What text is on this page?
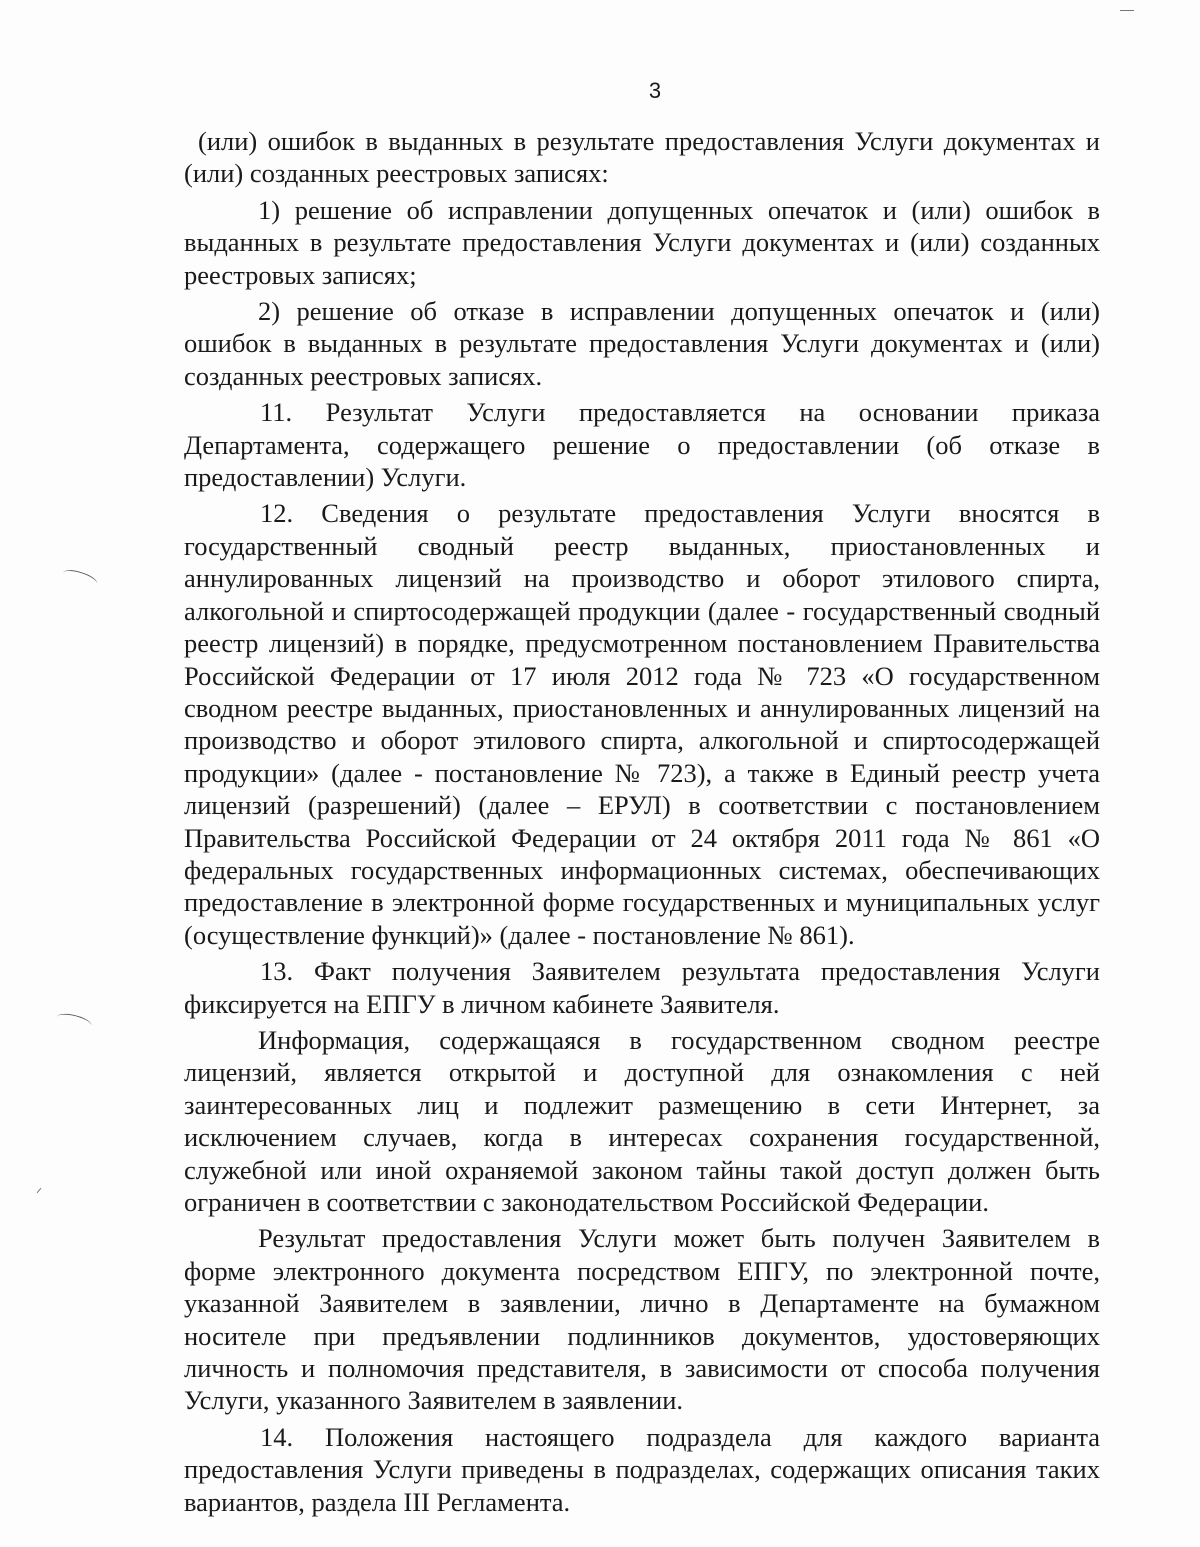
3

(или) ошибок в выданных в результате предоставления Услуги документах и (или) созданных реестровых записях:

1) решение об исправлении допущенных опечаток и (или) ошибок в выданных в результате предоставления Услуги документах и (или) созданных реестровых записях;

2) решение об отказе в исправлении допущенных опечаток и (или) ошибок в выданных в результате предоставления Услуги документах и (или) созданных реестровых записях.

11. Результат Услуги предоставляется на основании приказа Департамента, содержащего решение о предоставлении (об отказе в предоставлении) Услуги.

12. Сведения о результате предоставления Услуги вносятся в государственный сводный реестр выданных, приостановленных и аннулированных лицензий на производство и оборот этилового спирта, алкогольной и спиртосодержащей продукции (далее - государственный сводный реестр лицензий) в порядке, предусмотренном постановлением Правительства Российской Федерации от 17 июля 2012 года № 723 «О государственном сводном реестре выданных, приостановленных и аннулированных лицензий на производство и оборот этилового спирта, алкогольной и спиртосодержащей продукции» (далее - постановление № 723), а также в Единый реестр учета лицензий (разрешений) (далее – ЕРУЛ) в соответствии с постановлением Правительства Российской Федерации от 24 октября 2011 года № 861 «О федеральных государственных информационных системах, обеспечивающих предоставление в электронной форме государственных и муниципальных услуг (осуществление функций)» (далее - постановление № 861).

13. Факт получения Заявителем результата предоставления Услуги фиксируется на ЕПГУ в личном кабинете Заявителя.

Информация, содержащаяся в государственном сводном реестре лицензий, является открытой и доступной для ознакомления с ней заинтересованных лиц и подлежит размещению в сети Интернет, за исключением случаев, когда в интересах сохранения государственной, служебной или иной охраняемой законом тайны такой доступ должен быть ограничен в соответствии с законодательством Российской Федерации.

Результат предоставления Услуги может быть получен Заявителем в форме электронного документа посредством ЕПГУ, по электронной почте, указанной Заявителем в заявлении, лично в Департаменте на бумажном носителе при предъявлении подлинников документов, удостоверяющих личность и полномочия представителя, в зависимости от способа получения Услуги, указанного Заявителем в заявлении.

14. Положения настоящего подраздела для каждого варианта предоставления Услуги приведены в подразделах, содержащих описания таких вариантов, раздела III Регламента.
